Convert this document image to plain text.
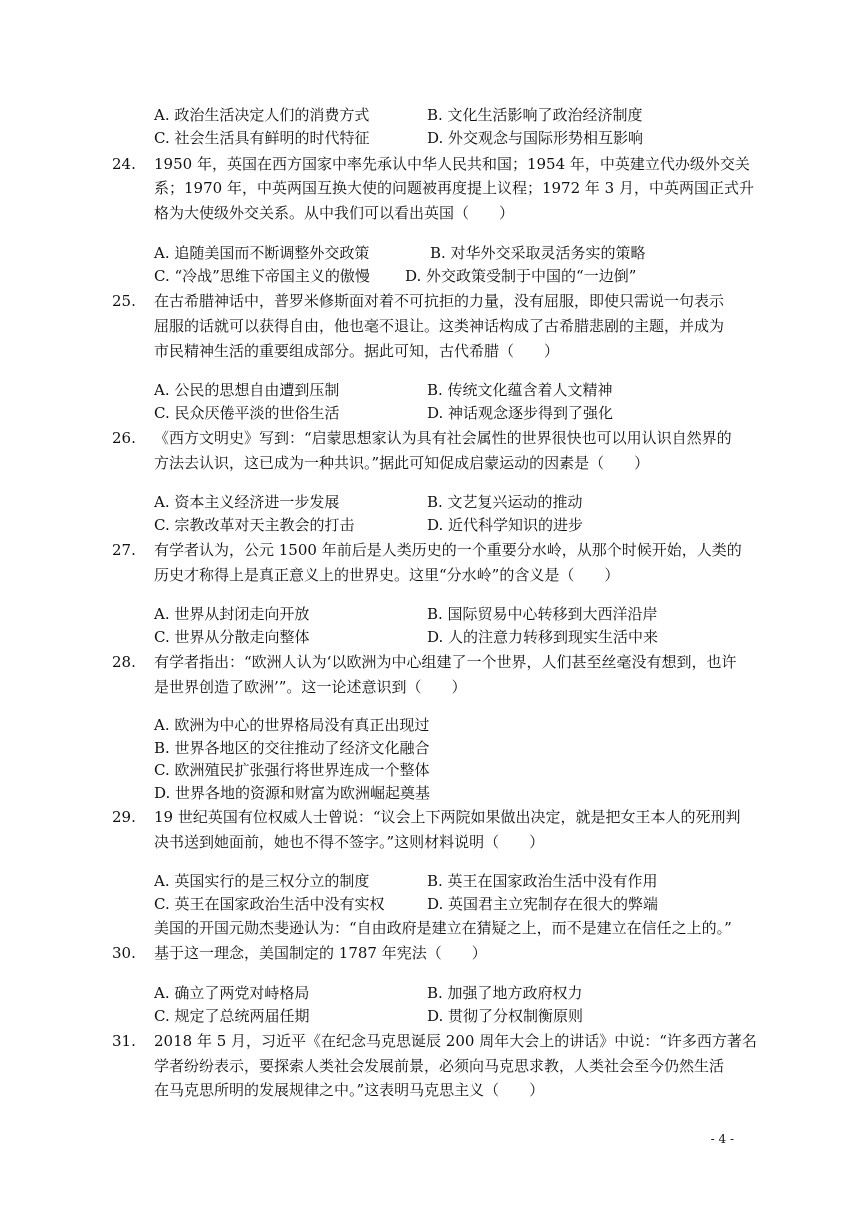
A. 政治生活决定人们的消费方式	B. 文化生活影响了政治经济制度
C. 社会生活具有鲜明的时代特征	D. 外交观念与国际形势相互影响
24. 1950 年，英国在西方国家中率先承认中华人民共和国；1954 年，中英建立代办级外交关
系；1970 年，中英两国互换大使的问题被再度提上议程；1972 年 3 月，中英两国正式升
格为大使级外交关系。从中我们可以看出英国（　　）
A. 追随美国而不断调整外交政策	B. 对华外交采取灵活务实的策略
C. “冷战”思维下帝国主义的傲慢 D. 外交政策受制于中国的“一边倒”
25. 在古希腊神话中，普罗米修斯面对着不可抗拒的力量，没有屈服，即使只需说一句表示
屈服的话就可以获得自由，他也毫不退让。这类神话构成了古希腊悲剧的主题，并成为
市民精神生活的重要组成部分。据此可知，古代希腊（　　）
A. 公民的思想自由遭到压制	B. 传统文化蕴含着人文精神
C. 民众厌倦平淡的世俗生活	D. 神话观念逐步得到了强化
26. 《西方文明史》写到：“启蒙思想家认为具有社会属性的世界很快也可以用认识自然界的
方法去认识，这已成为一种共识。”据此可知促成启蒙运动的因素是（　　）
A. 资本主义经济进一步发展	B. 文艺复兴运动的推动
C. 宗教改革对天主教会的打击	D. 近代科学知识的进步
27. 有学者认为，公元 1500 年前后是人类历史的一个重要分水岭，从那个时候开始，人类的
历史才称得上是真正意义上的世界史。这里“分水岭”的含义是（　　）
A. 世界从封闭走向开放	B. 国际贸易中心转移到大西洋沿岸
C. 世界从分散走向整体	D. 人的注意力转移到现实生活中来
28. 有学者指出：“欧洲人认为‘以欧洲为中心组建了一个世界，人们甚至丝毫没有想到，也许
是世界创造了欧洲’”。这一论述意识到（　　）
A. 欧洲为中心的世界格局没有真正出现过
B. 世界各地区的交往推动了经济文化融合
C. 欧洲殖民扩张强行将世界连成一个整体
D. 世界各地的资源和财富为欧洲崛起奠基
29. 19 世纪英国有位权威人士曾说：“议会上下两院如果做出决定，就是把女王本人的死刑判
决书送到她面前，她也不得不签字。”这则材料说明（　　）
A. 英国实行的是三权分立的制度	B. 英王在国家政治生活中没有作用
C. 英王在国家政治生活中没有实权	D. 英国君主立宪制存在很大的弊端
美国的开国元勋杰斐逊认为：“自由政府是建立在猜疑之上，而不是建立在信任之上的。”
30. 基于这一理念，美国制定的 1787 年宪法（　　）
A. 确立了两党对峙格局	B. 加强了地方政府权力
C. 规定了总统两届任期	D. 贯彻了分权制衡原则
31. 2018 年 5 月，习近平《在纪念马克思诞辰 200 周年大会上的讲话》中说：“许多西方著名
学者纷纷表示，要探索人类社会发展前景，必须向马克思求教，人类社会至今仍然生活
在马克思所明的发展规律之中。”这表明马克思主义（　　）
- 4 -
